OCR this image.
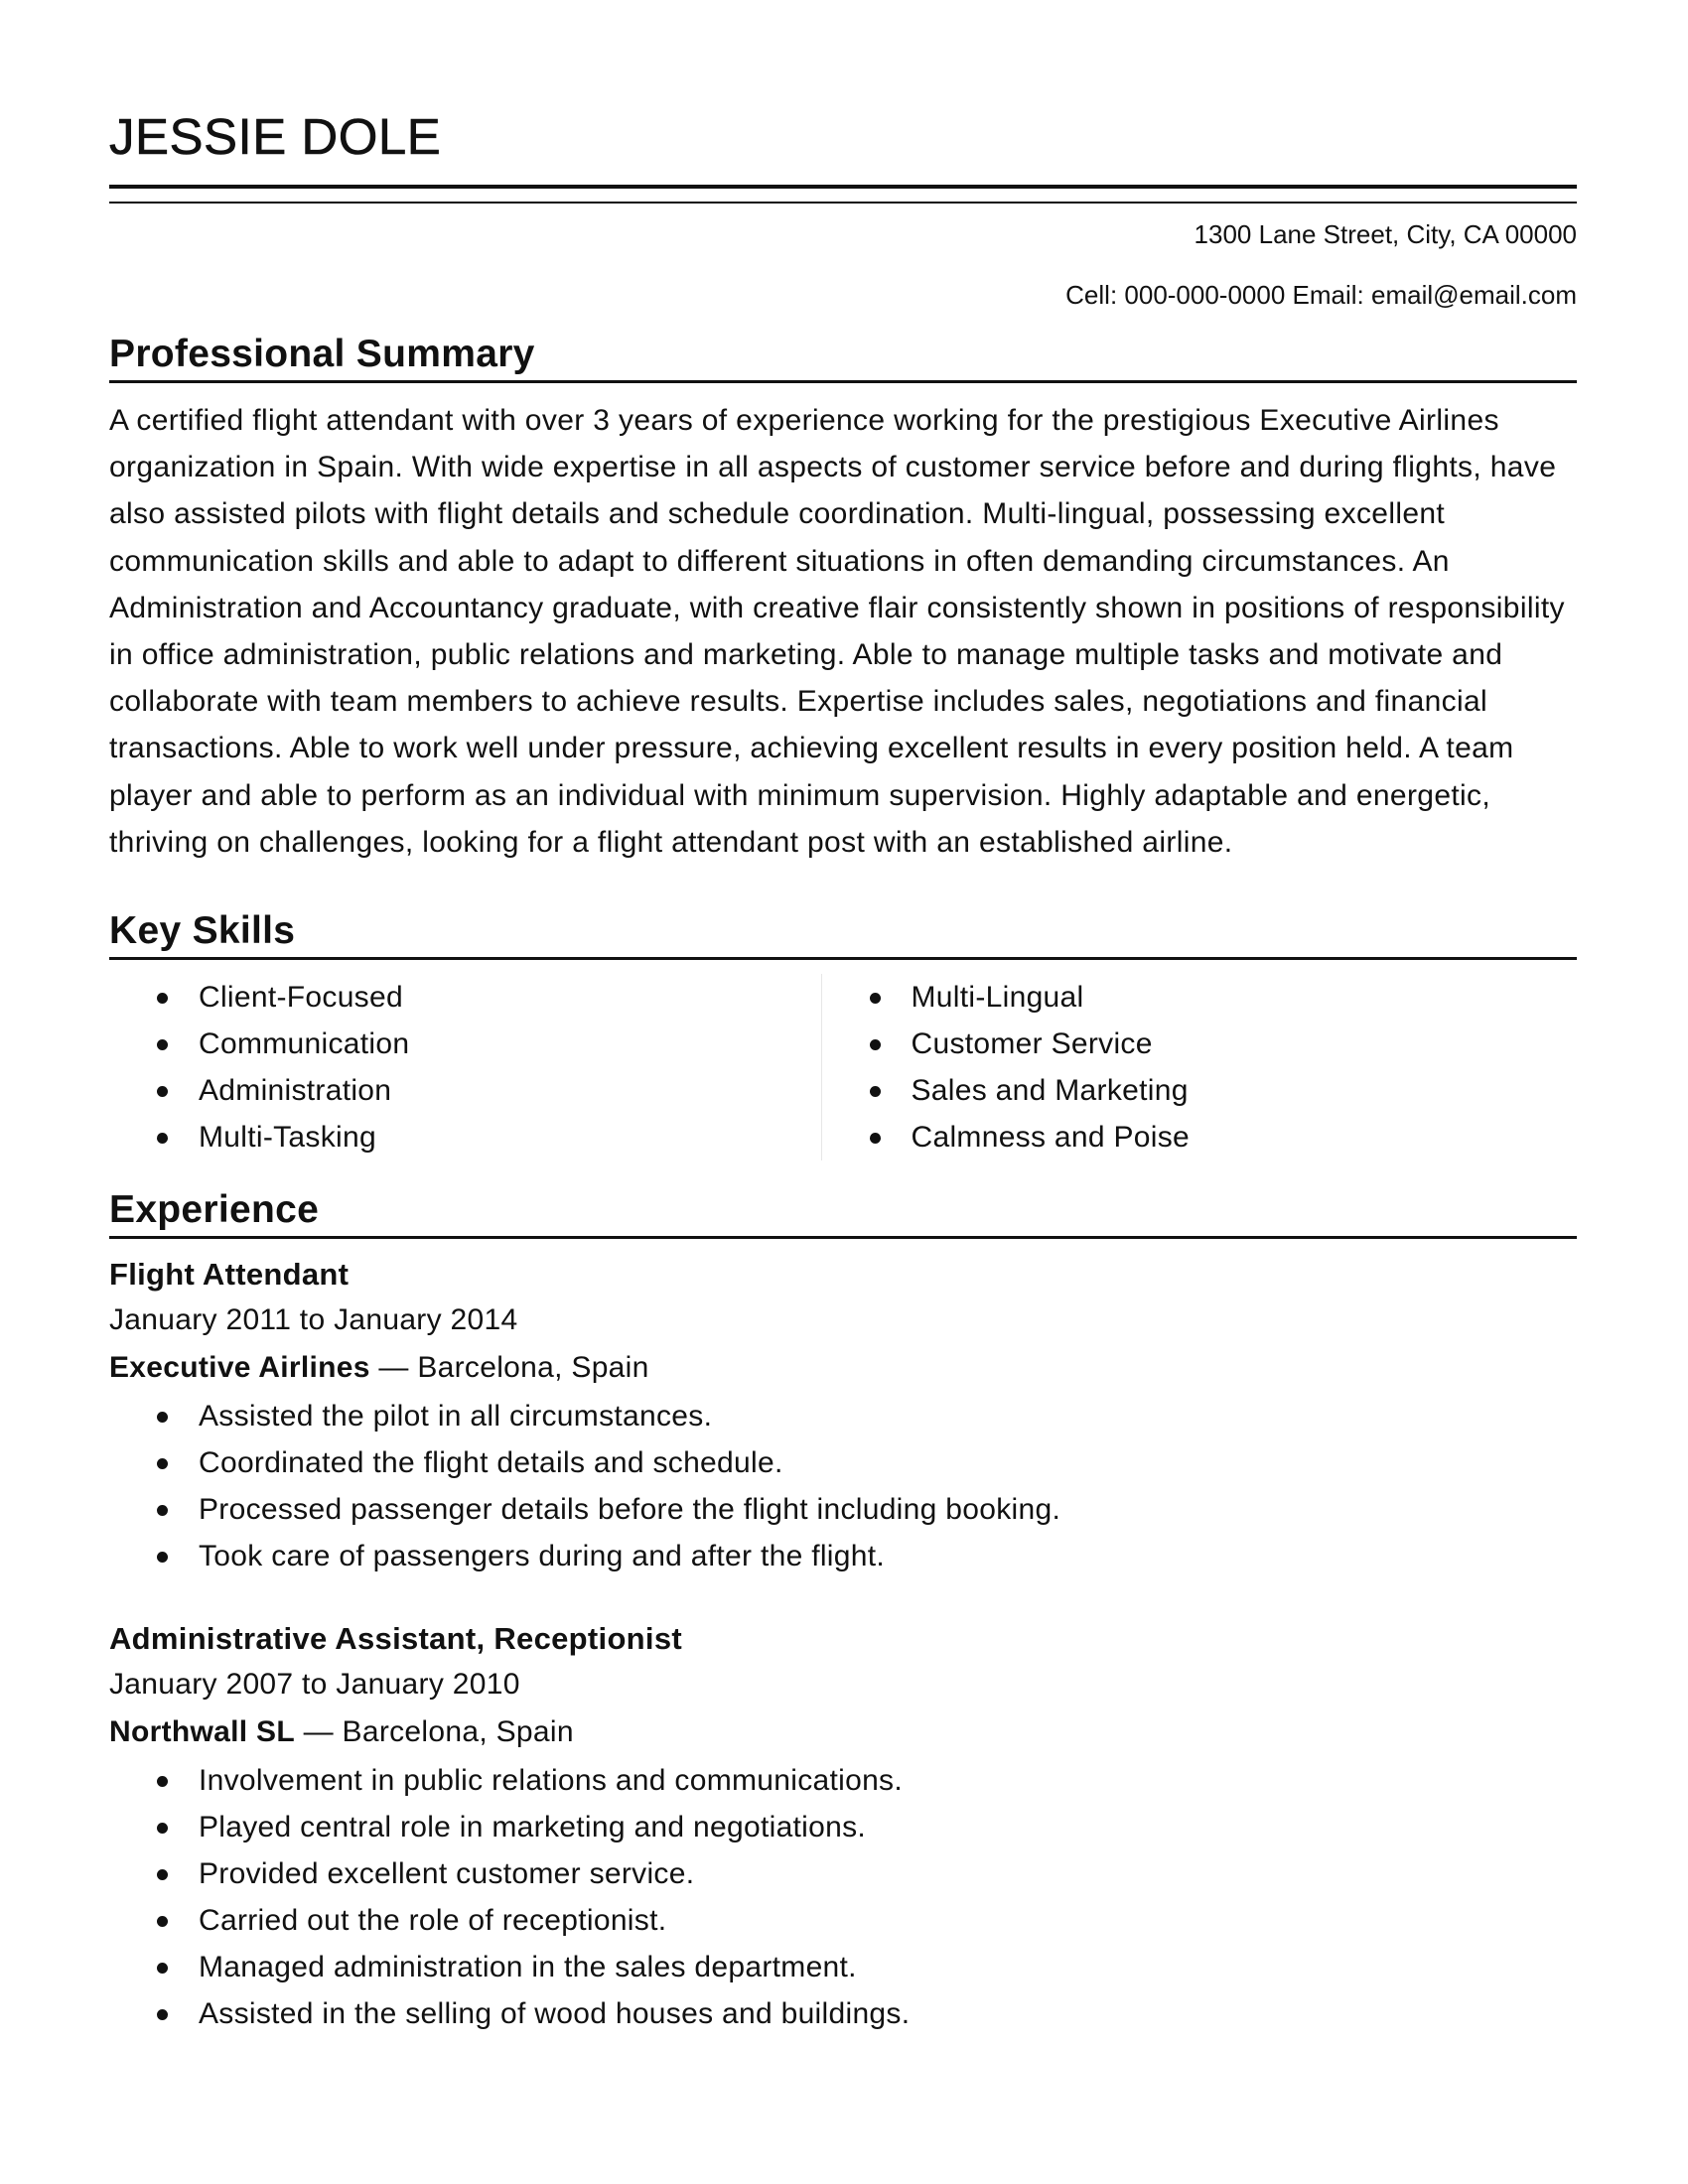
JESSIE DOLE
1300 Lane Street, City, CA 00000
Cell: 000-000-0000 Email: email@email.com
Professional Summary
A certified flight attendant with over 3 years of experience working for the prestigious Executive Airlines organization in Spain. With wide expertise in all aspects of customer service before and during flights, have also assisted pilots with flight details and schedule coordination. Multi-lingual, possessing excellent communication skills and able to adapt to different situations in often demanding circumstances. An Administration and Accountancy graduate, with creative flair consistently shown in positions of responsibility in office administration, public relations and marketing. Able to manage multiple tasks and motivate and collaborate with team members to achieve results. Expertise includes sales, negotiations and financial transactions. Able to work well under pressure, achieving excellent results in every position held. A team player and able to perform as an individual with minimum supervision. Highly adaptable and energetic, thriving on challenges, looking for a flight attendant post with an established airline.
Key Skills
Client-Focused
Communication
Administration
Multi-Tasking
Multi-Lingual
Customer Service
Sales and Marketing
Calmness and Poise
Experience
Flight Attendant
January 2011 to January 2014
Executive Airlines — Barcelona, Spain
Assisted the pilot in all circumstances.
Coordinated the flight details and schedule.
Processed passenger details before the flight including booking.
Took care of passengers during and after the flight.
Administrative Assistant, Receptionist
January 2007 to January 2010
Northwall SL — Barcelona, Spain
Involvement in public relations and communications.
Played central role in marketing and negotiations.
Provided excellent customer service.
Carried out the role of receptionist.
Managed administration in the sales department.
Assisted in the selling of wood houses and buildings.
